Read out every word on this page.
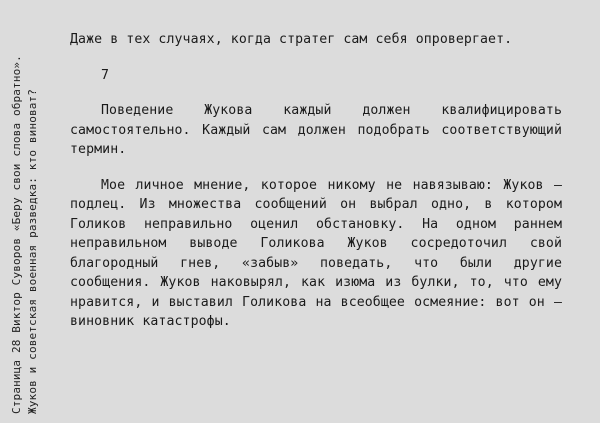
Страница 28 Виктор Суворов «Беру свои слова обратно». Жуков и советская военная разведка: кто виноват?

Даже в тех случаях, когда стратег сам себя опровергает.

7

Поведение Жукова каждый должен квалифицировать самостоятельно. Каждый сам должен подобрать соответствующий термин.

Мое личное мнение, которое никому не навязываю: Жуков — подлец. Из множества сообщений он выбрал одно, в котором Голиков неправильно оценил обстановку. На одном раннем неправильном выводе Голикова Жуков сосредоточил свой благородный гнев, «забыв» поведать, что были другие сообщения. Жуков наковырял, как изюма из булки, то, что ему нравится, и выставил Голикова на всеобщее осмеяние: вот он — виновник катастрофы.
